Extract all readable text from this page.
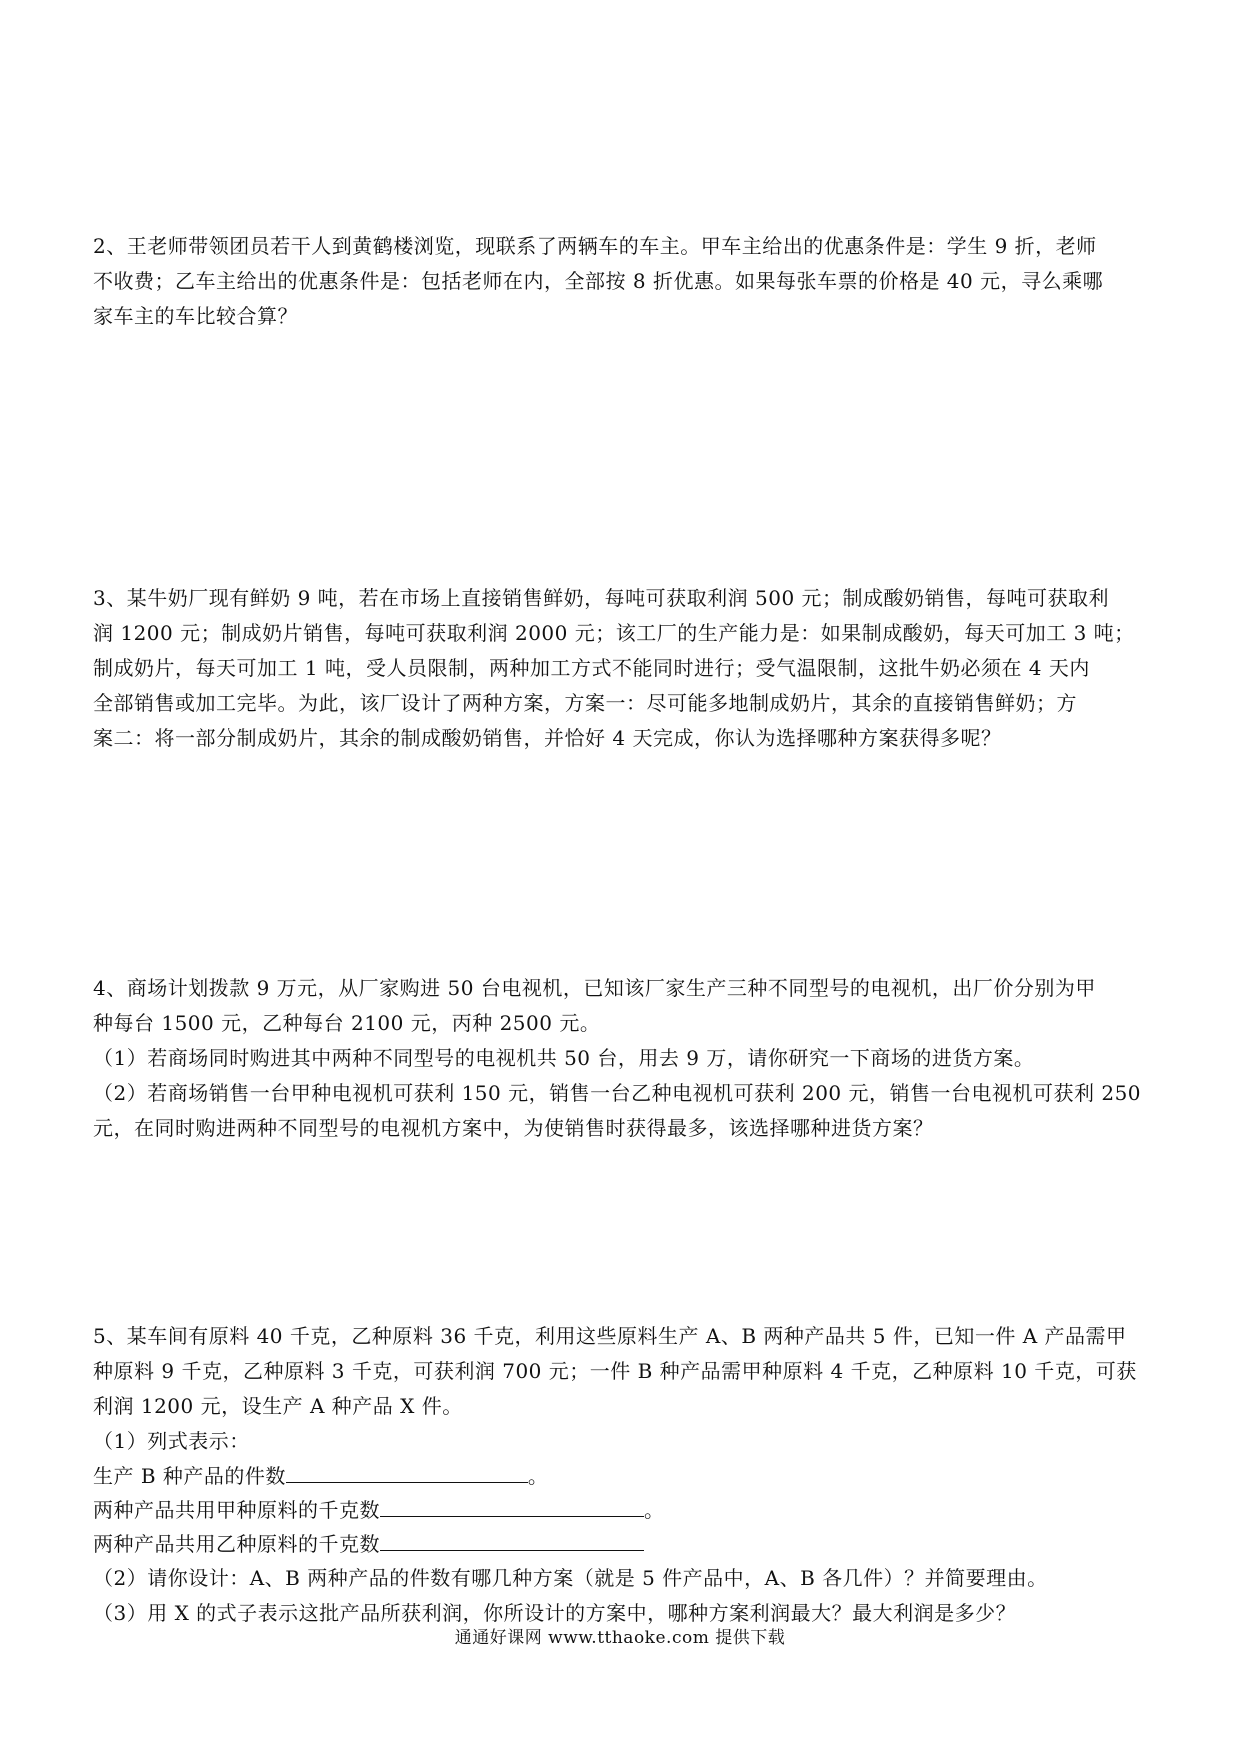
2、王老师带领团员若干人到黄鹤楼浏览，现联系了两辆车的车主。甲车主给出的优惠条件是：学生 9 折，老师
不收费；乙车主给出的优惠条件是：包括老师在内，全部按 8 折优惠。如果每张车票的价格是 40 元，寻么乘哪
家车主的车比较合算？
3、某牛奶厂现有鲜奶 9 吨，若在市场上直接销售鲜奶，每吨可获取利润 500 元；制成酸奶销售，每吨可获取利
润 1200 元；制成奶片销售，每吨可获取利润 2000 元；该工厂的生产能力是：如果制成酸奶，每天可加工 3 吨；
制成奶片，每天可加工 1 吨，受人员限制，两种加工方式不能同时进行；受气温限制，这批牛奶必须在 4 天内
全部销售或加工完毕。为此，该厂设计了两种方案，方案一：尽可能多地制成奶片，其余的直接销售鲜奶；方
案二：将一部分制成奶片，其余的制成酸奶销售，并恰好 4 天完成，你认为选择哪种方案获得多呢？
4、商场计划拨款 9 万元，从厂家购进 50 台电视机，已知该厂家生产三种不同型号的电视机，出厂价分别为甲
种每台 1500 元，乙种每台 2100 元，丙种 2500 元。
（1）若商场同时购进其中两种不同型号的电视机共 50 台，用去 9 万，请你研究一下商场的进货方案。
（2）若商场销售一台甲种电视机可获利 150 元，销售一台乙种电视机可获利 200 元，销售一台电视机可获利 250
元，在同时购进两种不同型号的电视机方案中，为使销售时获得最多，该选择哪种进货方案？
5、某车间有原料 40 千克，乙种原料 36 千克，利用这些原料生产 A、B 两种产品共 5 件，已知一件 A 产品需甲
种原料 9 千克，乙种原料 3 千克，可获利润 700 元；一件 B 种产品需甲种原料 4 千克，乙种原料 10 千克，可获
利润 1200 元，设生产 A 种产品 X 件。
（1）列式表示：
生产 B 种产品的件数	。
两种产品共用甲种原料的千克数	。
两种产品共用乙种原料的千克数
（2）请你设计：A、B 两种产品的件数有哪几种方案（就是 5 件产品中，A、B 各几件）？并简要理由。
（3）用 X 的式子表示这批产品所获利润，你所设计的方案中，哪种方案利润最大？最大利润是多少？
通通好课网 www.tthaoke.com 提供下载
